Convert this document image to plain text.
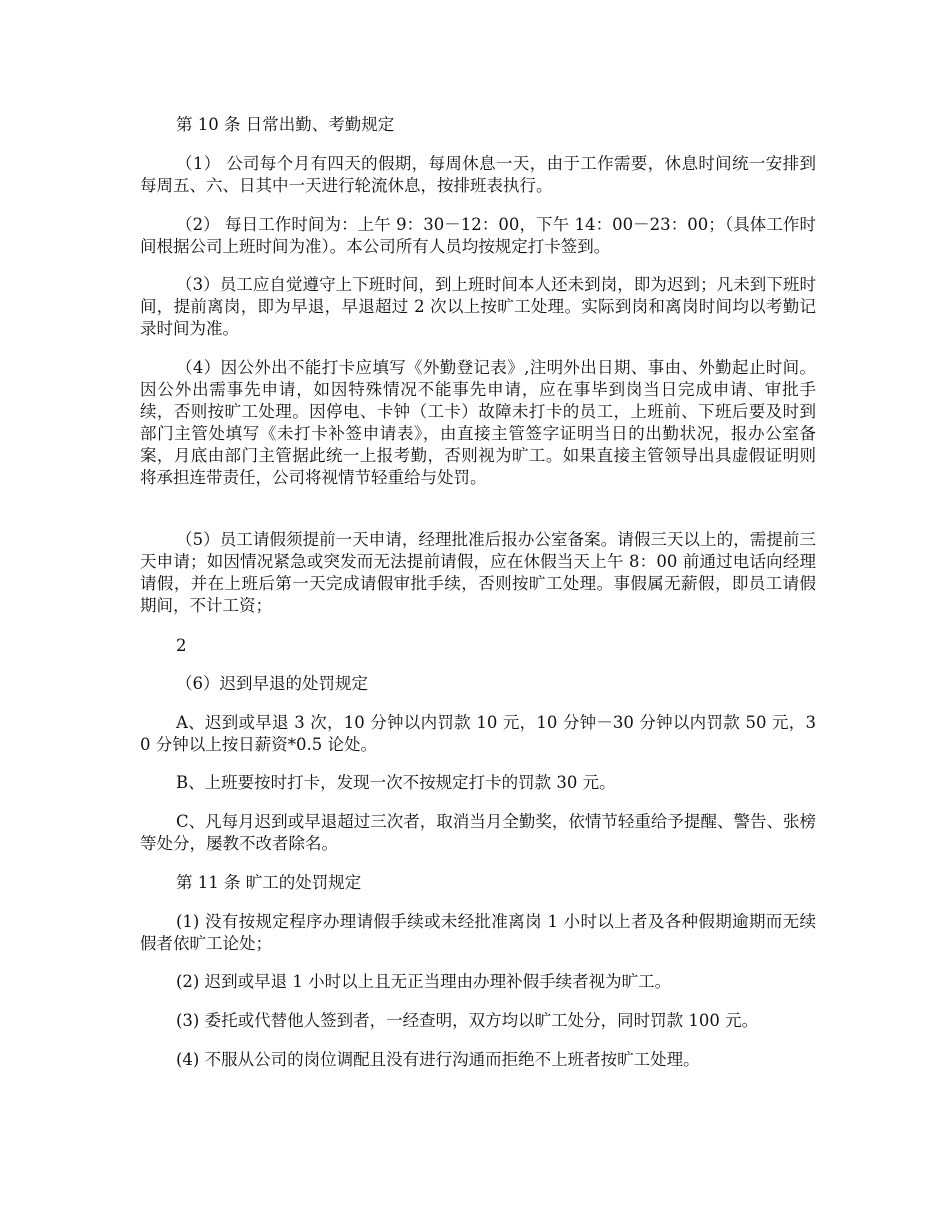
第 10 条 日常出勤、考勤规定

（1） 公司每个月有四天的假期，每周休息一天，由于工作需要，休息时间统一安排到每周五、六、日其中一天进行轮流休息，按排班表执行。

（2） 每日工作时间为：上午 9：30－12：00，下午 14：00－23：00；（具体工作时间根据公司上班时间为准）。本公司所有人员均按规定打卡签到。

（3）员工应自觉遵守上下班时间，到上班时间本人还未到岗，即为迟到；凡未到下班时间，提前离岗，即为早退，早退超过 2 次以上按旷工处理。实际到岗和离岗时间均以考勤记录时间为准。

（4）因公外出不能打卡应填写《外勤登记表》,注明外出日期、事由、外勤起止时间。因公外出需事先申请，如因特殊情况不能事先申请，应在事毕到岗当日完成申请、审批手续，否则按旷工处理。因停电、卡钟（工卡）故障未打卡的员工，上班前、下班后要及时到部门主管处填写《未打卡补签申请表》，由直接主管签字证明当日的出勤状况，报办公室备案，月底由部门主管据此统一上报考勤，否则视为旷工。如果直接主管领导出具虚假证明则将承担连带责任，公司将视情节轻重给与处罚。

（5）员工请假须提前一天申请，经理批准后报办公室备案。请假三天以上的，需提前三天申请；如因情况紧急或突发而无法提前请假，应在休假当天上午 8：00 前通过电话向经理请假，并在上班后第一天完成请假审批手续，否则按旷工处理。事假属无薪假，即员工请假期间，不计工资；

2

（6）迟到早退的处罚规定

A、迟到或早退 3 次，10 分钟以内罚款 10 元，10 分钟－30 分钟以内罚款 50 元，30 分钟以上按日薪资*0.5 论处。

B、上班要按时打卡，发现一次不按规定打卡的罚款 30 元。

C、凡每月迟到或早退超过三次者，取消当月全勤奖，依情节轻重给予提醒、警告、张榜等处分，屡教不改者除名。

第 11 条 旷工的处罚规定

(1) 没有按规定程序办理请假手续或未经批准离岗 1 小时以上者及各种假期逾期而无续假者依旷工论处；

(2) 迟到或早退 1 小时以上且无正当理由办理补假手续者视为旷工。

(3) 委托或代替他人签到者，一经查明，双方均以旷工处分，同时罚款 100 元。

(4) 不服从公司的岗位调配且没有进行沟通而拒绝不上班者按旷工处理。
